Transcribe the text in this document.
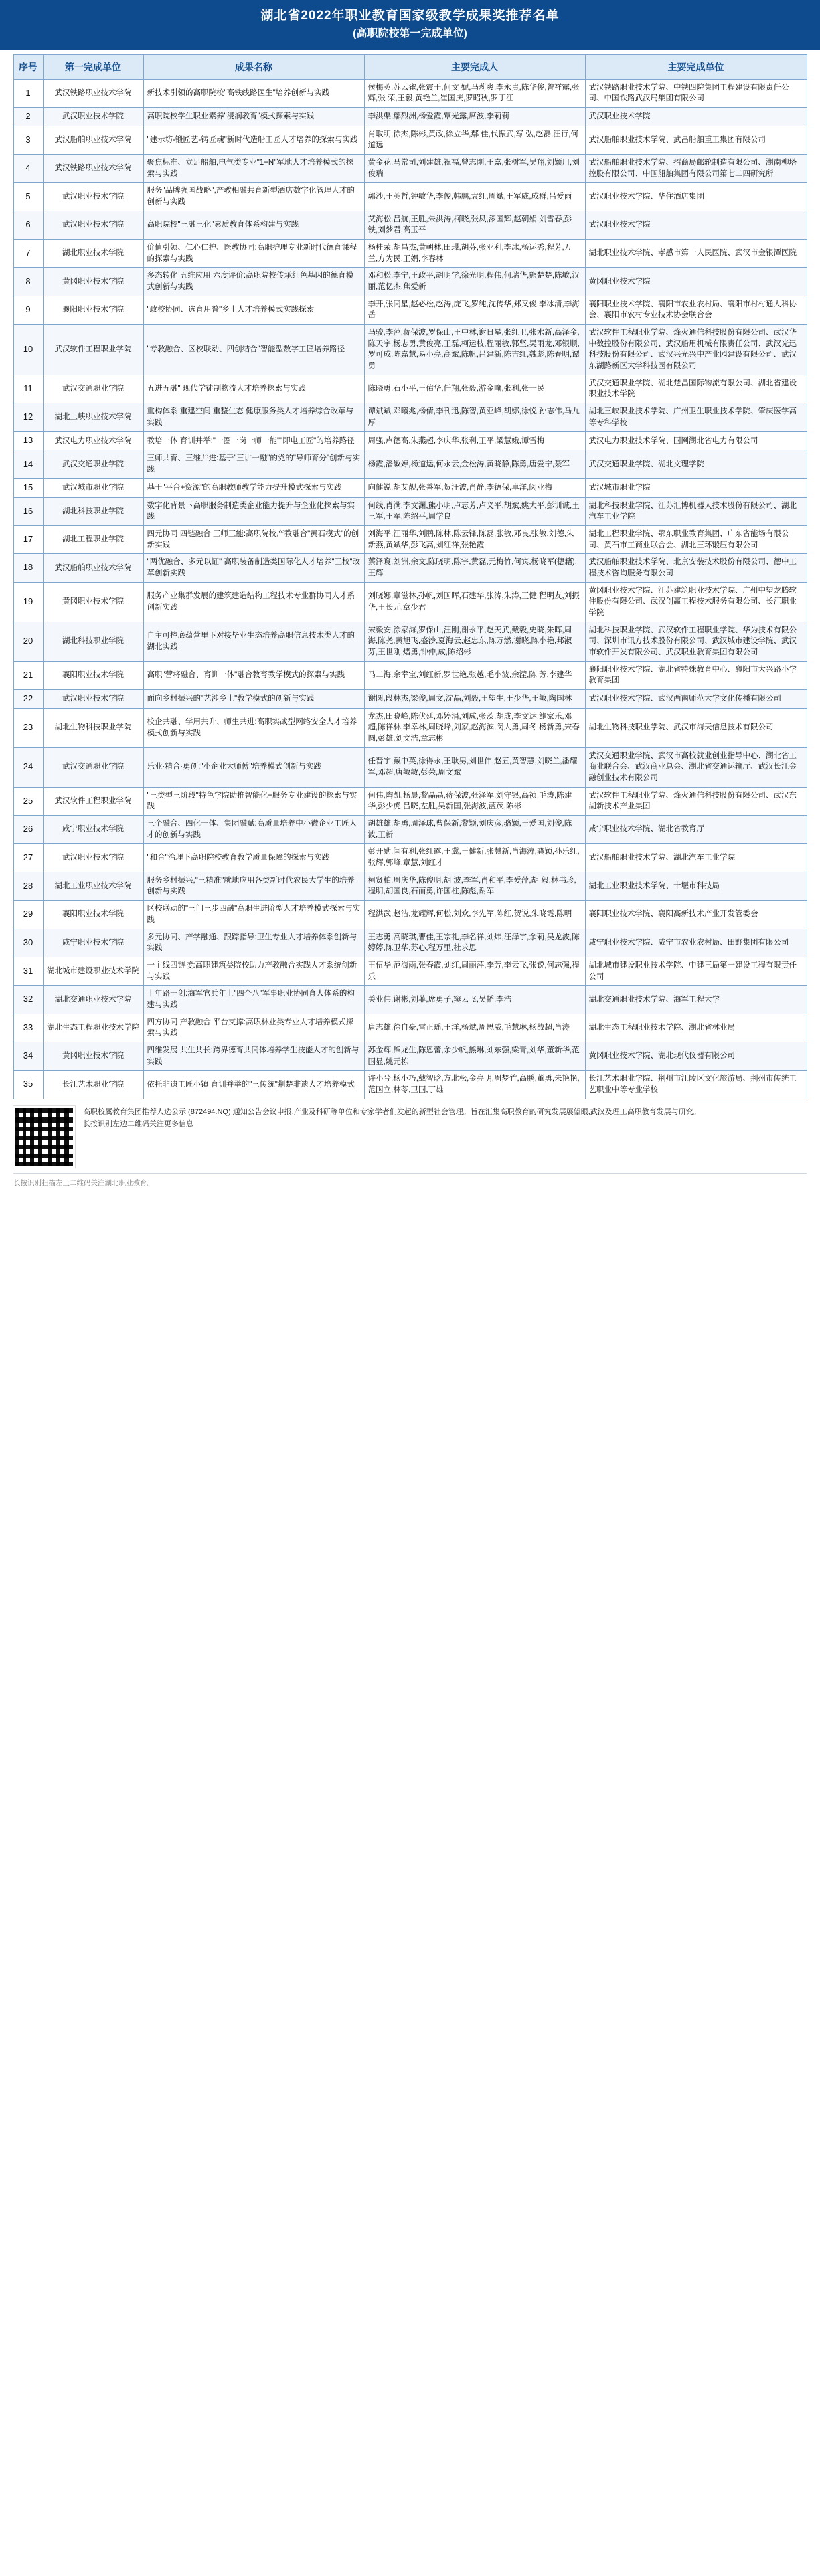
湖北省2022年职业教育国家级教学成果奖推荐名单
(高职院校第一完成单位)
序号	第一完成单位	成果名称	主要完成人	主要完成单位
1	武汉铁路职业技术学院	新技术引领的高职院校"高铁线路医生"培养创新与实践	侯梅英,苏云雀,张震于,何文 妮,马莉爽,李永贵,陈华俊,曾祥露,张 辉,张 荣,王毅,黄艳兰,崔国庆,罗昭秋,罗丁江	武汉铁路职业技术学院、中铁四院集团工程建设有限责任公司、中国铁路武汉局集团有限公司
2	武汉职业技术学院	高职院校学生职业素养"浸润教育"模式探索与实践	李洪渠,鄢烈洲,杨爱霞,覃光露,席波,李莉莉	武汉职业技术学院
3	武汉船舶职业技术学院	"建示坊-锻匠艺-铸匠魂"新时代造船工匠人才培养的探索与实践	肖取明,徐杰,陈彬,黄政,徐立华,鄢 佳,代振武,写 弘,赵磊,汪行,何道远	武汉船舶职业技术学院、武昌船舶重工集团有限公司
4	武汉铁路职业技术学院	聚焦标准、立足船舶,电气类专业"1+N"军地人才培养模式的探索与实践	黄金花,马常司,刘建雄,祝福,曾志刚,王嘉,张树军,吴翔,刘颖川,刘俊瑞	武汉船舶职业技术学院、招商局邮轮制造有限公司、湖南柳塔控股有限公司、中国船舶集团有限公司第七二四研究所
5	武汉职业技术学院	服务"品牌强国战略",产教相融共育新型酒店数字化管理人才的创新与实践	郭沙,王英哲,钟敏华,李俊,韩鹏,袁红,周斌,王军威,成群,吕爱雨	武汉职业技术学院、华住酒店集团
6	武汉职业技术学院	高职院校"三融三化"素质教育体系构建与实践	艾海松,吕航,王胜,朱洪涛,柯晓,张凤,漆国辉,赵朝娟,刘雪春,彭铁,刘梦君,高玉平	武汉职业技术学院
7	湖北职业技术学院	价值引领、仁心仁护、医教协同:高职护理专业新时代德育课程的探索与实践	杨桂荣,胡昌杰,黄朝林,田璟,胡芬,张亚利,李冰,杨运秀,程芳,万兰,方为民,王娟,李春林	湖北职业技术学院、孝感市第一人民医院、武汉市金银潭医院
8	黄冈职业技术学院	多态转化 五维应用 六度评价:高职院校传承红色基因的德育模式创新与实践	邓和松,李宁,王政平,胡明学,徐光明,程伟,何瑞华,熊楚楚,陈敏,汉丽,范忆杰,焦爱新	黄冈职业技术学院
9	襄阳职业技术学院	"政校协同、选育用普"乡土人才培养模式实践探索	李开,张同星,赵必松,赵涛,庞飞,罗纯,沈传华,郑又俊,李冰清,李海岳	襄阳职业技术学院、襄阳市农业农村局、襄阳市村村通大科协会、襄阳市农村专业技术协会联合会
10	武汉软件工程职业学院	"专教融合、区校联动、四创结合"智能型数字工匠培养路径	马骏,李萍,蒋保波,罗保山,王中林,谢日星,张红卫,张水新,高泽金,陈天宇,杨志勇,黄俊亮,王磊,柯运枝,程丽敏,郭坚,吴雨龙,邓银顺,罗可成,陈嘉慧,易小亮,高斌,陈帆,吕建新,陈吉红,魏彪,陈春明,谭勇	武汉软件工程职业学院、烽火通信科技股份有限公司、武汉华中数控股份有限公司、武汉船用机械有限责任公司、武汉光迅科技股份有限公司、武汉兴光兴中产业园建设有限公司、武汉东湖路新区大学科技园有限公司
11	武汉交通职业学院	五进五融" 现代学徒制物流人才培养探索与实践	陈晓勇,石小平,王佑华,任翔,张毅,游金喻,张利,张一民	武汉交通职业学院、湖北楚昌国际物流有限公司、湖北省建设职业技术学院
12	湖北三峡职业技术学院	重构体系 重建空间 重整生态 健康服务类人才培养综合改革与实践	谭斌斌,邓曦兆,杨倩,李刊迅,陈智,黄亚峰,胡娜,徐悦,孙志伟,马九厚	湖北三峡职业技术学院、广州卫生职业技术学院、肇庆医学高等专科学校
13	武汉电力职业技术学院	教培一体 育训并举:"一圈一岗一师一能""即电工匠"的培养路径	周强,卢德高,朱燕超,李庆华,张利,王平,梁慧娥,谭雪梅	武汉电力职业技术学院、国网湖北省电力有限公司
14	武汉交通职业学院	三师共育、三维并进:基于"三讲一融"的党的"导师育分"创新与实践	杨霞,潘敏婷,杨道运,何永云,金松涛,黄晓静,陈勇,唐爱宁,聂军	武汉交通职业学院、湖北文理学院
15	武汉城市职业学院	基于"平台+资源"的高职教师教学能力提升模式探索与实践	向健锐,胡艾靓,张善军,贺汪波,肖静,李德保,卓洋,闵业梅	武汉城市职业学院
16	湖北科技职业学院	数字化背景下高职服务制造类企业能力提升与企业化探索与实践	何线,肖满,李文渊,熊小明,卢志芳,卢义平,胡斌,姚大平,彭训诚,王三军,王军,陈绍平,周学良	湖北科技职业学院、江苏汇博机器人技术股份有限公司、湖北汽车工业学院
17	湖北工程职业学院	四元协同 四链融合 三师三能:高职院校产教融合"黄石模式"的创新实践	刘海平,汪丽华,刘鹏,陈林,陈云锋,陈磊,张敏,邓良,张敏,刘德,朱新燕,黄斌华,彭飞高,刘红祥,张艳霞	湖北工程职业学院、鄂东职业教育集团、广东省能场有限公司、黄石市工商业联合会、湖北三环锻压有限公司
18	武汉船舶职业技术学院	"两优融合、多元以证" 高职装备制造类国际化人才培养"三校"改革创新实践	蔡泽寰,刘洲,余文,陈晓明,陈宇,黄磊,元梅竹,何宾,杨晓军(德籍),王辉	武汉船舶职业技术学院、北京安装技术股份有限公司、德中工程技术咨询服务有限公司
19	黄冈职业技术学院	服务产业集群发展的建筑建造结构工程技术专业群协同人才系创新实践	刘晓娜,章滋林,孙帆,刘国晖,石建华,张涛,朱涛,王健,程明友,刘振华,王长元,章少君	黄冈职业技术学院、江苏建筑职业技术学院、广州中望龙腾软件股份有限公司、武汉创赢工程技术服务有限公司、长江职业学院
20	湖北科技职业学院	自主可控底蕴营里下对接毕业生态培养高职信息技术类人才的湖北实践	宋毅安,涂家海,罗保山,汪刚,谢永平,赵天武,戴毅,史晓,朱晖,周海,陈尧,黄旭飞,盛沙,夏海云,赵忠东,陈万燃,谢晓,陈小艳,邦淑芬,王世刚,熠勇,钟仲,成,陈绍彬	湖北科技职业学院、武汉软件工程职业学院、华为技术有限公司、深圳市讯方技术股份有限公司、武汉城市建设学院、武汉市软件开发有限公司、武汉职业教育集团有限公司
21	襄阳职业技术学院	高职"营将融合、育训一体"融合教育教学模式的探索与实践	马二海,余幸宝,刘红新,罗世艳,张越,毛小波,余滢,陈 芳,李建华	襄阳职业技术学院、湖北省特殊教育中心、襄阳市大兴路小学教育集团
22	武汉职业技术学院	面向乡村振兴的"艺涉乡土"教学模式的创新与实践	谢圆,段林杰,梁俊,周文,沈晶,刘毅,王望生,王少华,王敏,陶国林	武汉职业技术学院、武汉西南师范大学文化传播有限公司
23	湖北生物科技职业学院	校企共融、学用共升、师生共进:高职实战型网络安全人才培养模式创新与实践	龙杰,田晓峰,陈伏廷,邓婷涓,刘成,张茨,胡成,李文达,鲍家乐,邓超,陈祥林,李幸林,周晓峰,刘家,赵海滨,闵大勇,周冬,杨新勇,宋春圆,彭雄,刘文浩,章志彬	湖北生物科技职业学院、武汉市海天信息技术有限公司
24	武汉交通职业学院	乐业·精合·勇创:"小企业大师傅"培养模式创新与实践	任晋宇,戴中英,徐得永,王耿男,刘世伟,赵五,黄智慧,刘晓兰,潘耀军,邓超,唐敏敏,彭荣,周文斌	武汉交通职业学院、武汉市高校就业创业指导中心、湖北省工商业联合会、武汉商业总会、湖北省交通运输厅、武汉长江金融创业技术有限公司
25	武汉软件工程职业学院	"三类型三阶段"特色学院助推智能化+服务专业建设的探索与实践	何伟,陶凯,杨晨,黎晶晶,蒋保波,张泽军,刘守银,高祯,毛涛,陈建华,彭少虎,吕晓,左胜,吴新国,张海波,蓝茂,陈彬	武汉软件工程职业学院、烽火通信科技股份有限公司、武汉东湖新技术产业集团
26	咸宁职业技术学院	三个融合、四化一体、集团融赋:高质量培养中小微企业工匠人才的创新与实践	胡雄雄,胡勇,周泽球,曹保新,黎颖,刘庆彦,骆颖,王爱国,刘俊,陈波,王新	咸宁职业技术学院、湖北省教育厅
27	武汉职业技术学院	"和合"治理下高职院校教育教学质量保障的探索与实践	彭开励,闫有利,张红露,王冀,王健新,张慧新,肖海涛,龚颖,孙乐红,张辉,郭峰,章慧,刘红才	武汉船舶职业技术学院、湖北汽车工业学院
28	湖北工业职业技术学院	服务乡村振兴,"三精准"就地应用各类新时代农民大学生的培养创新与实践	柯贤柏,周庆华,陈俊明,胡 波,李军,肖和平,李爱萍,胡 毅,林书珍,程明,胡国良,石而勇,许国柱,陈彪,谢军	湖北工业职业技术学院、十堰市科技局
29	襄阳职业技术学院	区校联动的"三门三步四融"高职生进阶型人才培养模式探索与实践	程洪武,赵洁,龙耀辉,何松,刘欢,李先军,陈红,贺说,朱晓霞,陈明	襄阳职业技术学院、襄阳高新技术产业开发管委会
30	咸宁职业技术学院	多元协同、产学融通、跟踪指导:卫生专业人才培养体系创新与实践	王志勇,高晓琪,曹佳,王宗礼,李名祥,刘炜,汪泽宇,余莉,吴龙波,陈婷婷,陈卫华,苏心,程万里,杜求思	咸宁职业技术学院、咸宁市农业农村局、田野集团有限公司
31	湖北城市建设职业技术学院	一主线四链接:高职建筑类院校助力产教融合实践人才系统创新与实践	王伍华,范海雨,张春霞,刘红,周丽萍,李芳,李云飞,张锐,何志强,程乐	湖北城市建设职业技术学院、中建三局第一建设工程有限责任公司
32	湖北交通职业技术学院	十年路一剑:海军官兵年上"四个八"军事职业协同育人体系的构建与实践	关业伟,谢彬,刘菲,席勇子,窦云飞,吴韬,李浩	湖北交通职业技术学院、海军工程大学
33	湖北生态工程职业技术学院	四方协同 产教融合 平台支撑:高职林业类专业人才培养模式探索与实践	唐志雄,徐自豪,雷正瑶,王洋,杨斌,周思威,毛慧琳,杨战超,肖涛	湖北生态工程职业技术学院、湖北省林业局
34	黄冈职业技术学院	四维发展 共生共长:跨界德育共同体培养学生技能人才的创新与实践	苏金辉,熊龙生,陈恩蕾,余少帆,熊琳,刘东强,梁青,刘华,董新华,范国显,姚元栋	黄冈职业技术学院、湖北现代仪器有限公司
35	长江艺术职业学院	依托非遗工匠小镇 育训并举的"三传统"荆楚非遗人才培养模式	许小兮,杨小巧,戴智晗,方北松,金亮明,周梦竹,高鹏,董勇,朱艳艳,范国立,林苓,卫国,丁雄	长江艺术职业学院、荆州市江陵区文化旅游局、荆州市传统工艺职业中等专业学校
高职校属教育集团推荐人选公示 (872494.NQ) 通知公告会议申报,产业及科研等单位和专家学者们发起的新型社会管理。旨在汇集高职教育的研究发展展望眼,武汉及理工高职教育发展与研究。
长按识别左边二维码关注更多信息
长按识别扫描左上二维码关注湖北职业教育。
